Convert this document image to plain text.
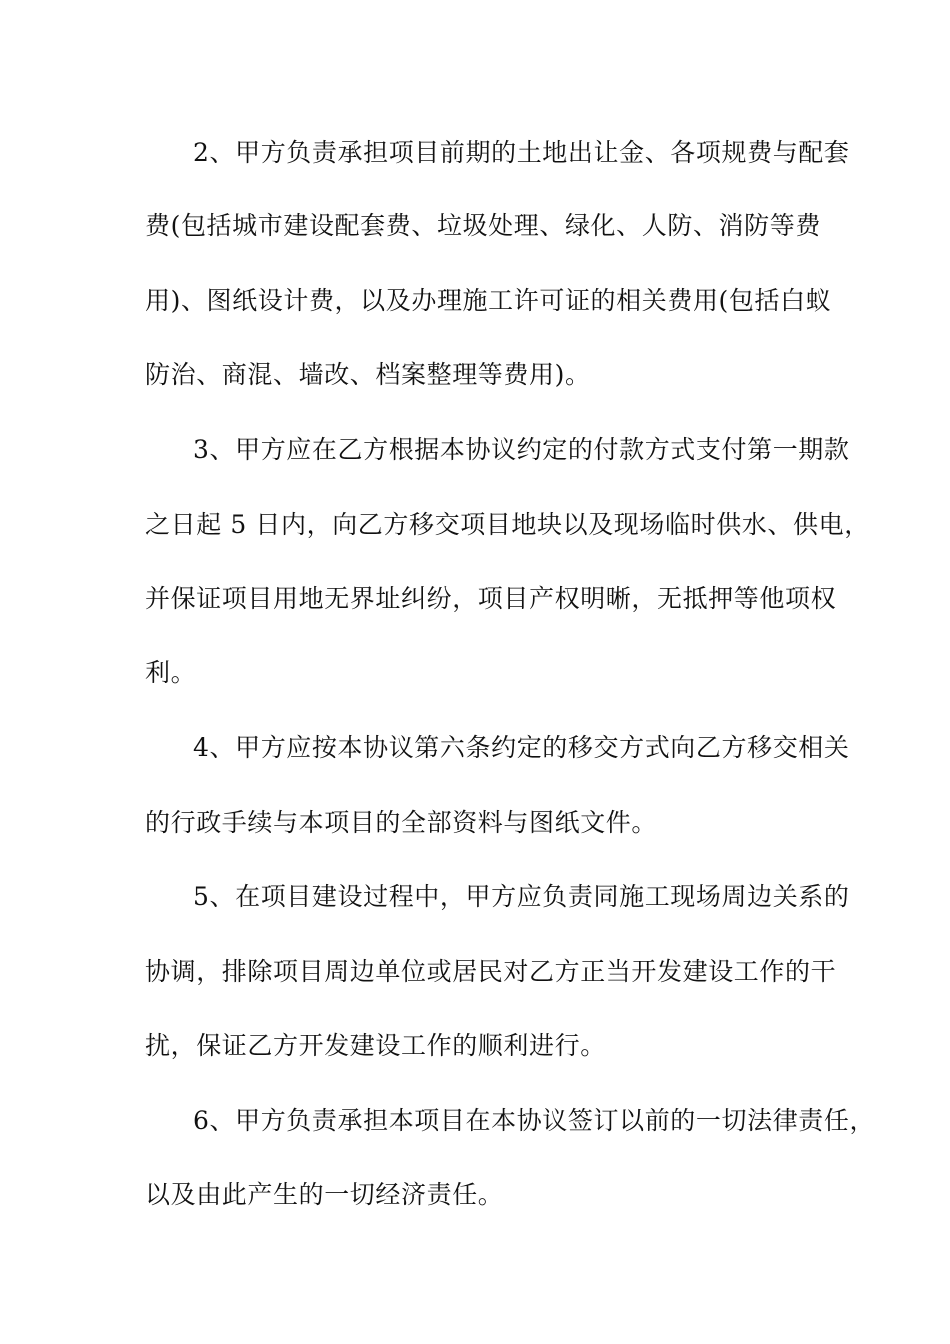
2、甲方负责承担项目前期的土地出让金、各项规费与配套
费(包括城市建设配套费、垃圾处理、绿化、人防、消防等费
用)、图纸设计费，以及办理施工许可证的相关费用(包括白蚁
防治、商混、墙改、档案整理等费用)。
3、甲方应在乙方根据本协议约定的付款方式支付第一期款
之日起 5 日内，向乙方移交项目地块以及现场临时供水、供电，
并保证项目用地无界址纠纷，项目产权明晰，无抵押等他项权
利。
4、甲方应按本协议第六条约定的移交方式向乙方移交相关
的行政手续与本项目的全部资料与图纸文件。
5、在项目建设过程中，甲方应负责同施工现场周边关系的
协调，排除项目周边单位或居民对乙方正当开发建设工作的干
扰，保证乙方开发建设工作的顺利进行。
6、甲方负责承担本项目在本协议签订以前的一切法律责任，
以及由此产生的一切经济责任。
